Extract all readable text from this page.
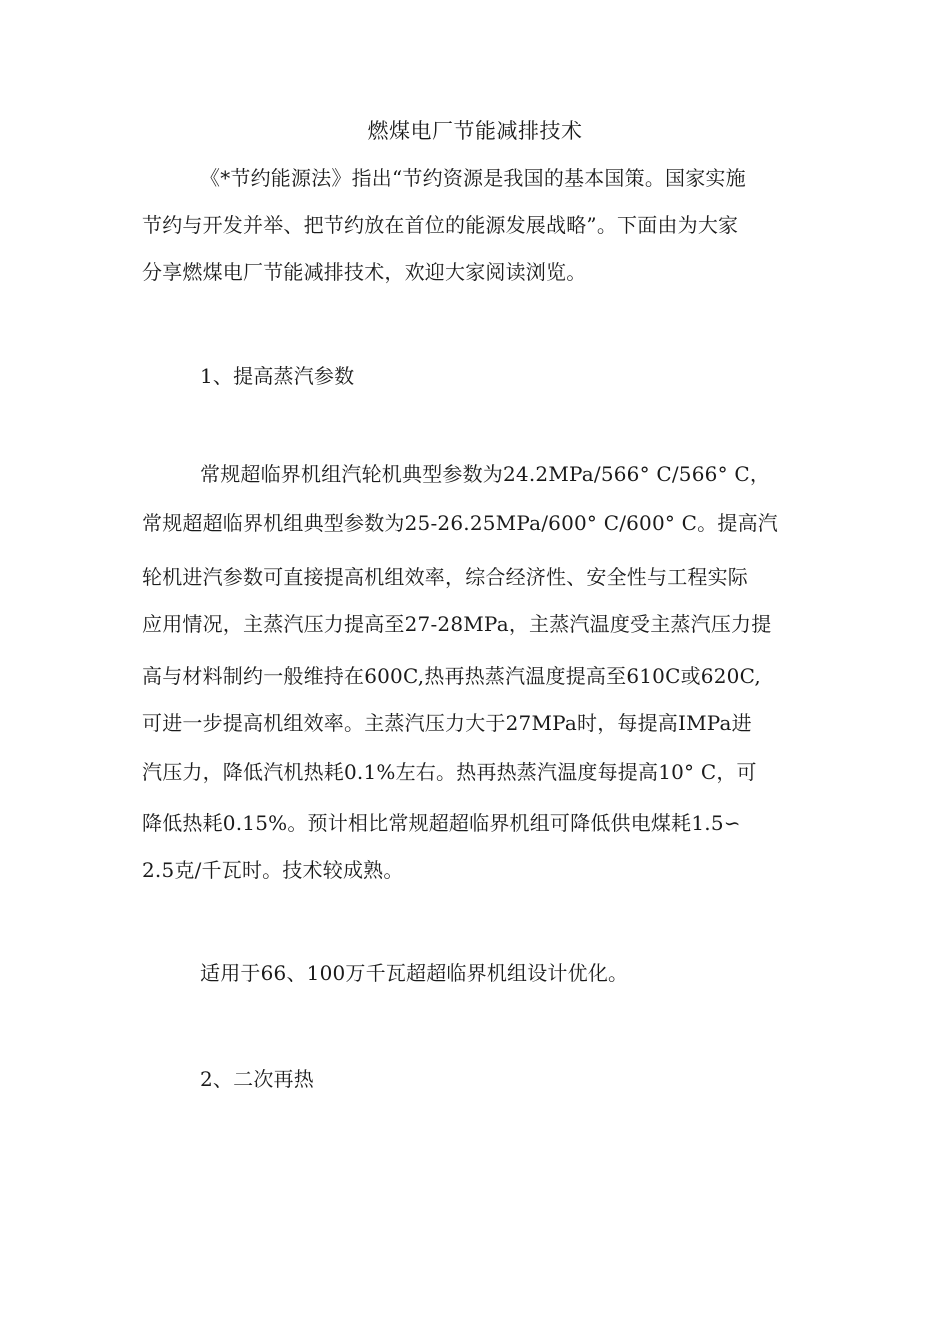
燃煤电厂节能减排技术
《*节约能源法》指出“节约资源是我国的基本国策。国家实施
节约与开发并举、把节约放在首位的能源发展战略”。下面由为大家
分享燃煤电厂节能减排技术，欢迎大家阅读浏览。
1、提高蒸汽参数
常规超临界机组汽轮机典型参数为24.2MPa/566° C/566° C，
常规超超临界机组典型参数为25-26.25MPa/600° C/600° C。提高汽
轮机进汽参数可直接提高机组效率，综合经济性、安全性与工程实际
应用情况，主蒸汽压力提高至27-28MPa，主蒸汽温度受主蒸汽压力提
高与材料制约一般维持在600C,热再热蒸汽温度提高至610C或620C,
可进一步提高机组效率。主蒸汽压力大于27MPa时，每提高IMPa进
汽压力，降低汽机热耗0.1%左右。热再热蒸汽温度每提高10° C，可
降低热耗0.15%。预计相比常规超超临界机组可降低供电煤耗1.5∽
2.5克/千瓦时。技术较成熟。
适用于66、100万千瓦超超临界机组设计优化。
2、二次再热
